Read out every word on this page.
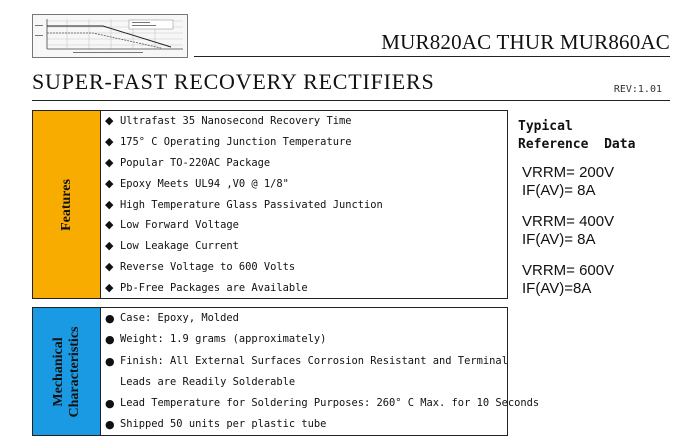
MUR820AC THUR MUR860AC
SUPER-FAST RECOVERY RECTIFIERS	REV:1.01
Features
◆ Ultrafast 35 Nanosecond Recovery Time
◆ 175° C Operating Junction Temperature
◆ Popular TO-220AC Package
◆ Epoxy Meets UL94 ,V0 @ 1/8"
◆ High Temperature Glass Passivated Junction
◆ Low Forward Voltage
◆ Low Leakage Current
◆ Reverse Voltage to 600 Volts
◆ Pb-Free Packages are Available
Mechanical Characteristics
● Case: Epoxy, Molded
● Weight: 1.9 grams (approximately)
● Finish: All External Surfaces Corrosion Resistant and Terminal
Leads are Readily Solderable
● Lead Temperature for Soldering Purposes: 260° C Max. for 10 Seconds
● Shipped 50 units per plastic tube
Typical
Reference  Data
VRRM= 200V
IF(AV)= 8A
VRRM= 400V
IF(AV)= 8A
VRRM= 600V
IF(AV)=8A
